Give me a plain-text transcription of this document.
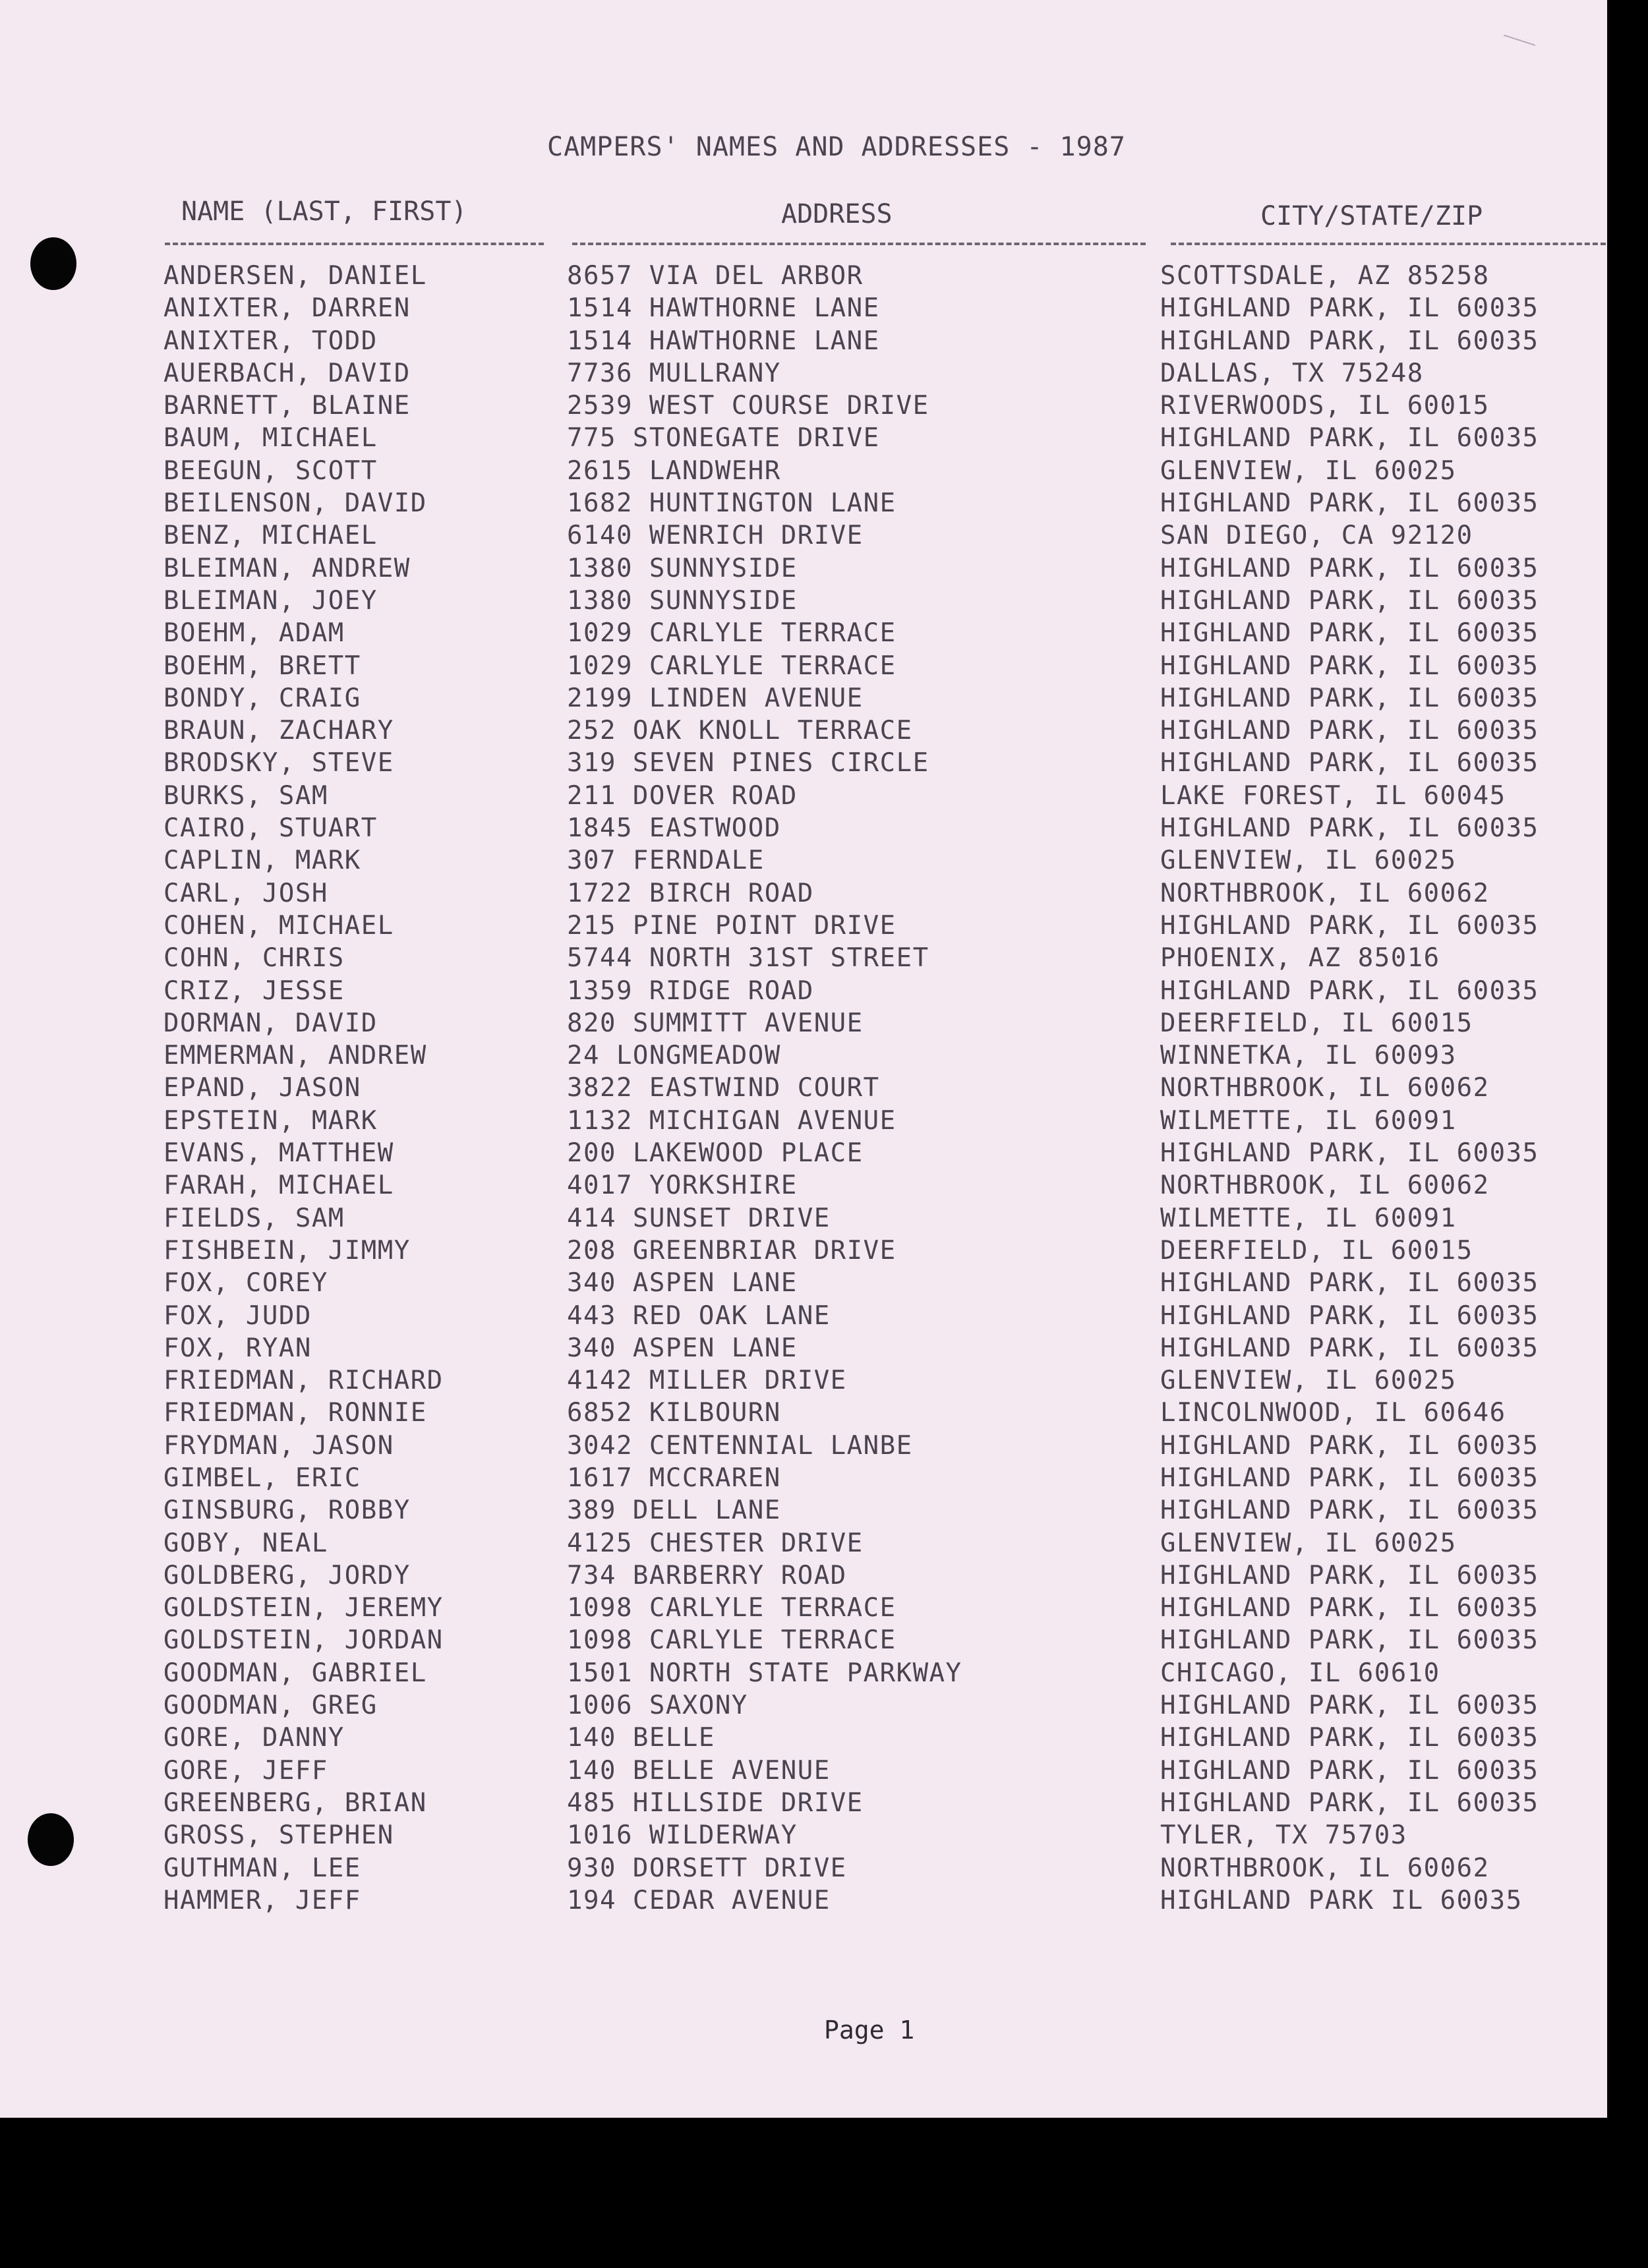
CAMPERS' NAMES AND ADDRESSES - 1987
NAME (LAST, FIRST)	ADDRESS	CITY/STATE/ZIP
ANDERSEN, DANIEL	8657 VIA DEL ARBOR	SCOTTSDALE, AZ 85258
ANIXTER, DARREN	1514 HAWTHORNE LANE	HIGHLAND PARK, IL 60035
ANIXTER, TODD	1514 HAWTHORNE LANE	HIGHLAND PARK, IL 60035
AUERBACH, DAVID	7736 MULLRANY	DALLAS, TX 75248
BARNETT, BLAINE	2539 WEST COURSE DRIVE	RIVERWOODS, IL 60015
BAUM, MICHAEL	775 STONEGATE DRIVE	HIGHLAND PARK, IL 60035
BEEGUN, SCOTT	2615 LANDWEHR	GLENVIEW, IL 60025
BEILENSON, DAVID	1682 HUNTINGTON LANE	HIGHLAND PARK, IL 60035
BENZ, MICHAEL	6140 WENRICH DRIVE	SAN DIEGO, CA 92120
BLEIMAN, ANDREW	1380 SUNNYSIDE	HIGHLAND PARK, IL 60035
BLEIMAN, JOEY	1380 SUNNYSIDE	HIGHLAND PARK, IL 60035
BOEHM, ADAM	1029 CARLYLE TERRACE	HIGHLAND PARK, IL 60035
BOEHM, BRETT	1029 CARLYLE TERRACE	HIGHLAND PARK, IL 60035
BONDY, CRAIG	2199 LINDEN AVENUE	HIGHLAND PARK, IL 60035
BRAUN, ZACHARY	252 OAK KNOLL TERRACE	HIGHLAND PARK, IL 60035
BRODSKY, STEVE	319 SEVEN PINES CIRCLE	HIGHLAND PARK, IL 60035
BURKS, SAM	211 DOVER ROAD	LAKE FOREST, IL 60045
CAIRO, STUART	1845 EASTWOOD	HIGHLAND PARK, IL 60035
CAPLIN, MARK	307 FERNDALE	GLENVIEW, IL 60025
CARL, JOSH	1722 BIRCH ROAD	NORTHBROOK, IL 60062
COHEN, MICHAEL	215 PINE POINT DRIVE	HIGHLAND PARK, IL 60035
COHN, CHRIS	5744 NORTH 31ST STREET	PHOENIX, AZ 85016
CRIZ, JESSE	1359 RIDGE ROAD	HIGHLAND PARK, IL 60035
DORMAN, DAVID	820 SUMMITT AVENUE	DEERFIELD, IL 60015
EMMERMAN, ANDREW	24 LONGMEADOW	WINNETKA, IL 60093
EPAND, JASON	3822 EASTWIND COURT	NORTHBROOK, IL 60062
EPSTEIN, MARK	1132 MICHIGAN AVENUE	WILMETTE, IL 60091
EVANS, MATTHEW	200 LAKEWOOD PLACE	HIGHLAND PARK, IL 60035
FARAH, MICHAEL	4017 YORKSHIRE	NORTHBROOK, IL 60062
FIELDS, SAM	414 SUNSET DRIVE	WILMETTE, IL 60091
FISHBEIN, JIMMY	208 GREENBRIAR DRIVE	DEERFIELD, IL 60015
FOX, COREY	340 ASPEN LANE	HIGHLAND PARK, IL 60035
FOX, JUDD	443 RED OAK LANE	HIGHLAND PARK, IL 60035
FOX, RYAN	340 ASPEN LANE	HIGHLAND PARK, IL 60035
FRIEDMAN, RICHARD	4142 MILLER DRIVE	GLENVIEW, IL 60025
FRIEDMAN, RONNIE	6852 KILBOURN	LINCOLNWOOD, IL 60646
FRYDMAN, JASON	3042 CENTENNIAL LANBE	HIGHLAND PARK, IL 60035
GIMBEL, ERIC	1617 MCCRAREN	HIGHLAND PARK, IL 60035
GINSBURG, ROBBY	389 DELL LANE	HIGHLAND PARK, IL 60035
GOBY, NEAL	4125 CHESTER DRIVE	GLENVIEW, IL 60025
GOLDBERG, JORDY	734 BARBERRY ROAD	HIGHLAND PARK, IL 60035
GOLDSTEIN, JEREMY	1098 CARLYLE TERRACE	HIGHLAND PARK, IL 60035
GOLDSTEIN, JORDAN	1098 CARLYLE TERRACE	HIGHLAND PARK, IL 60035
GOODMAN, GABRIEL	1501 NORTH STATE PARKWAY	CHICAGO, IL 60610
GOODMAN, GREG	1006 SAXONY	HIGHLAND PARK, IL 60035
GORE, DANNY	140 BELLE	HIGHLAND PARK, IL 60035
GORE, JEFF	140 BELLE AVENUE	HIGHLAND PARK, IL 60035
GREENBERG, BRIAN	485 HILLSIDE DRIVE	HIGHLAND PARK, IL 60035
GROSS, STEPHEN	1016 WILDERWAY	TYLER, TX 75703
GUTHMAN, LEE	930 DORSETT DRIVE	NORTHBROOK, IL 60062
HAMMER, JEFF	194 CEDAR AVENUE	HIGHLAND PARK IL 60035
Page 1
